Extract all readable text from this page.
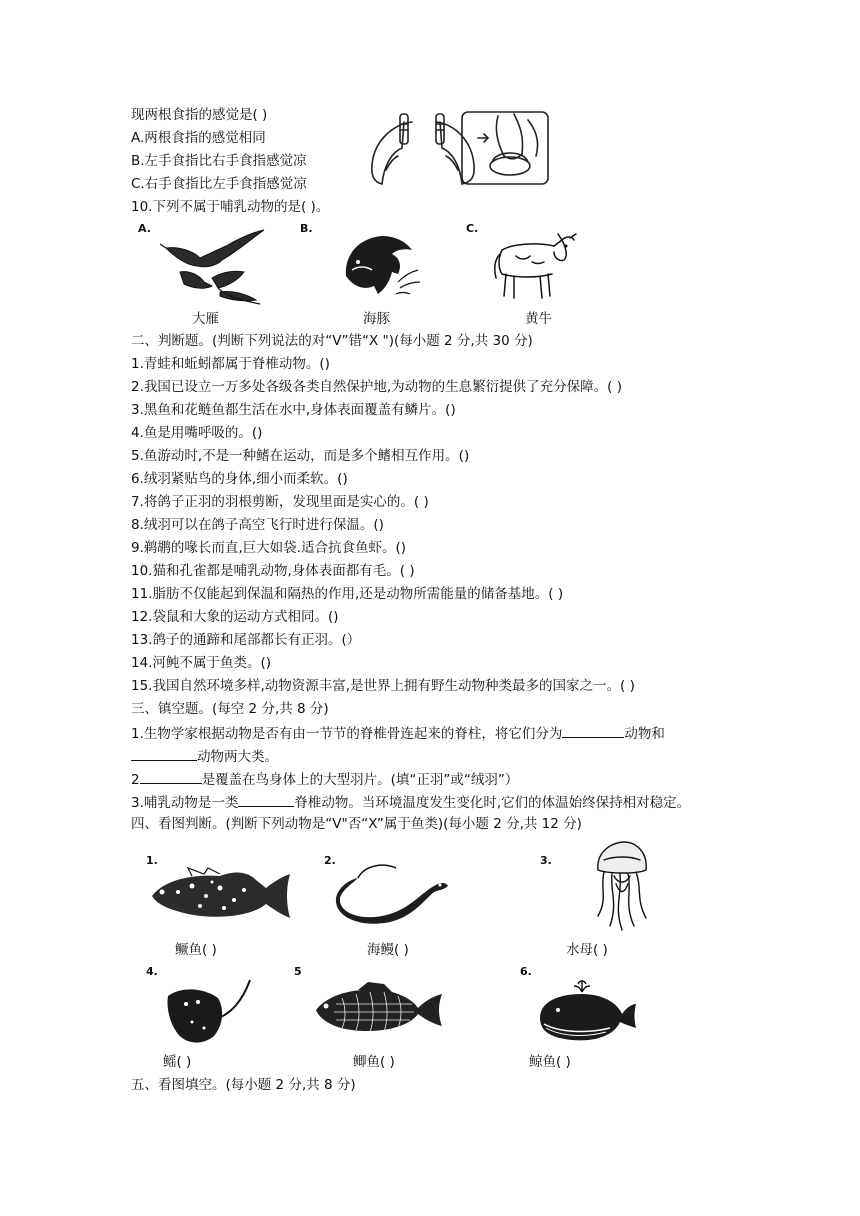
现两根食指的感觉是( )
A.两根食指的感觉相同
B.左手食指比右手食指感觉凉
C.右手食指比左手食指感觉凉
10.下列不属于哺乳动物的是( )。
A.	B.	C.
大雁	海豚	黄牛
二、判断题。(判断下列说法的对“V”错“X ")(每小题 2 分,共 30 分)
1.青蛙和蚯蚓都属于脊椎动物。()
2.我国已设立一万多处各级各类自然保护地,为动物的生息繁衍提供了充分保障。( )
3.黑鱼和花鲢鱼都生活在水中,身体表面覆盖有鳞片。()
4.鱼是用嘴呼吸的。()
5.鱼游动时,不是一种鳍在运动，而是多个鳍相互作用。()
6.绒羽紧贴鸟的身体,细小而柔软。()
7.将鸽子正羽的羽根剪断，发现里面是实心的。( )
8.绒羽可以在鸽子高空飞行时进行保温。()
9.鹈鹕的喙长而直,巨大如袋.适合抗食鱼虾。()
10.猫和孔雀都是哺乳动物,身体表面都有毛。( )
11.脂肪不仅能起到保温和隔热的作用,还是动物所需能量的储备基地。( )
12.袋鼠和大象的运动方式相同。()
13.鸽子的通蹄和尾部都长有正羽。(）
14.河鲀不属于鱼类。()
15.我国自然环境多样,动物资源丰富,是世界上拥有野生动物种类最多的国家之一。( )
三、镇空题。(每空 2 分,共 8 分)
1.生物学家根据动物是否有由一节节的脊椎骨连起来的脊柱，将它们分为	动物和
动物两大类。
2	是覆盖在鸟身体上的大型羽片。(填“正羽”或“绒羽”）
3.哺乳动物是一类	脊椎动物。当环境温度发生变化时,它们的体温始终保持相对稳定。
四、看图判断。(判断下列动物是“V"否“X”属于鱼类)(每小题 2 分,共 12 分)
1.	2.	3.
鳜鱼( )	海鳗( )	水母( )
4.	5	6.
鳐( )	鲫鱼( )	鲸鱼( )
五、看图填空。(每小题 2 分,共 8 分)
